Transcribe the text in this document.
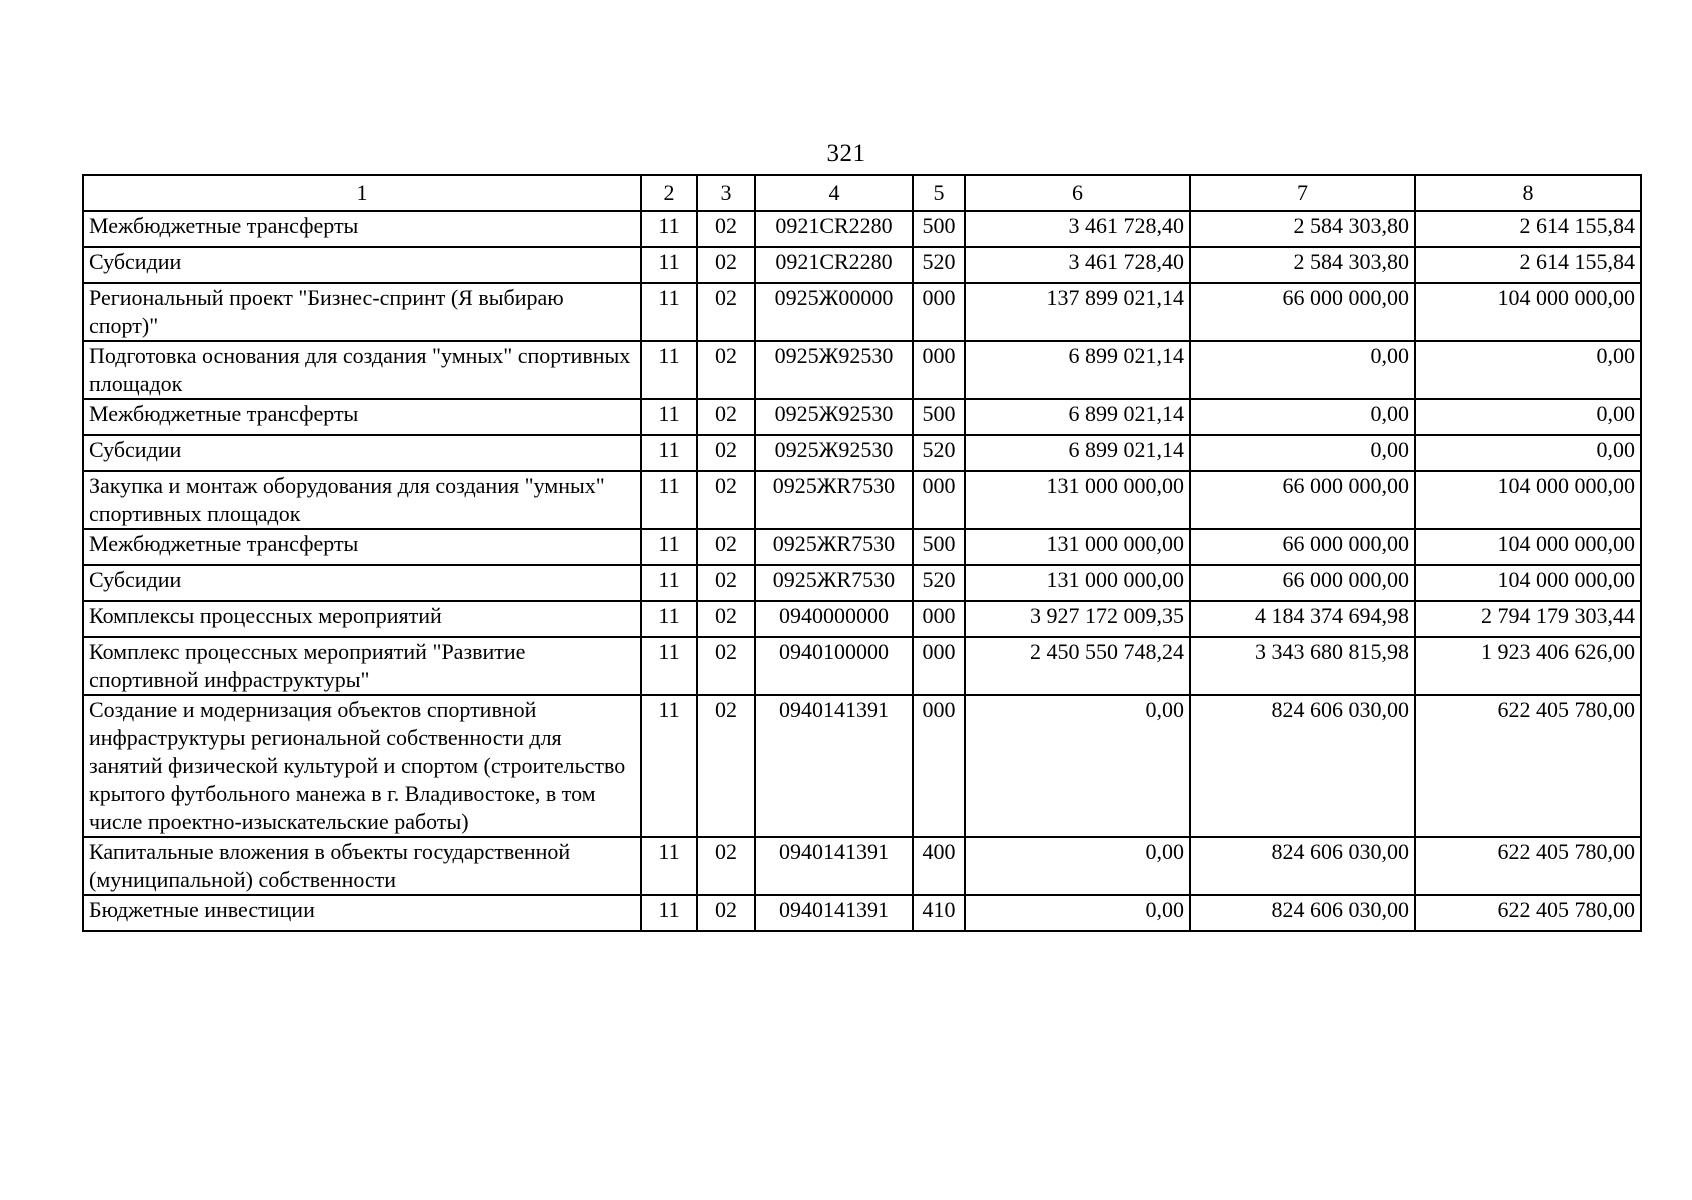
321
1	2	3	4	5	6	7	8
Межбюджетные трансферты	11	02	0921CR2280	500	3 461 728,40	2 584 303,80	2 614 155,84
Субсидии	11	02	0921CR2280	520	3 461 728,40	2 584 303,80	2 614 155,84
Региональный проект "Бизнес-спринт (Я выбираю спорт)"	11	02	0925Ж00000	000	137 899 021,14	66 000 000,00	104 000 000,00
Подготовка основания для создания "умных" спортивных площадок	11	02	0925Ж92530	000	6 899 021,14	0,00	0,00
Межбюджетные трансферты	11	02	0925Ж92530	500	6 899 021,14	0,00	0,00
Субсидии	11	02	0925Ж92530	520	6 899 021,14	0,00	0,00
Закупка и монтаж оборудования для создания "умных" спортивных площадок	11	02	0925ЖR7530	000	131 000 000,00	66 000 000,00	104 000 000,00
Межбюджетные трансферты	11	02	0925ЖR7530	500	131 000 000,00	66 000 000,00	104 000 000,00
Субсидии	11	02	0925ЖR7530	520	131 000 000,00	66 000 000,00	104 000 000,00
Комплексы процессных мероприятий	11	02	0940000000	000	3 927 172 009,35	4 184 374 694,98	2 794 179 303,44
Комплекс процессных мероприятий "Развитие спортивной инфраструктуры"	11	02	0940100000	000	2 450 550 748,24	3 343 680 815,98	1 923 406 626,00
Создание и модернизация объектов спортивной инфраструктуры региональной собственности для занятий физической культурой и спортом (строительство крытого футбольного манежа в г. Владивостоке, в том числе проектно-изыскательские работы)	11	02	0940141391	000	0,00	824 606 030,00	622 405 780,00
Капитальные вложения в объекты государственной (муниципальной) собственности	11	02	0940141391	400	0,00	824 606 030,00	622 405 780,00
Бюджетные инвестиции	11	02	0940141391	410	0,00	824 606 030,00	622 405 780,00
